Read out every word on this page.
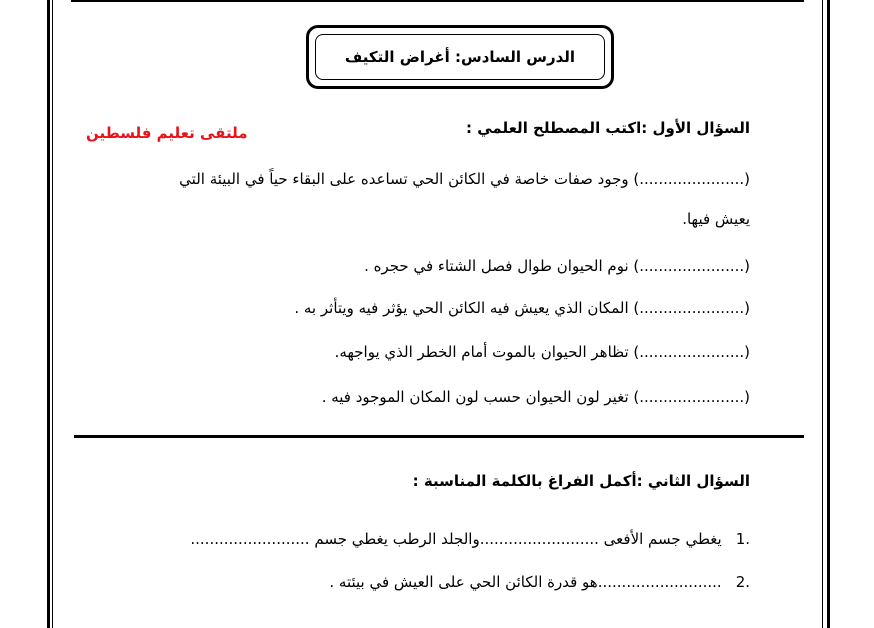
الدرس السادس: أغراض التكيف
ملتقى تعليم فلسطين	السؤال الأول :اكتب المصطلح العلمي :
(......................) وجود صفات خاصة في الكائن الحي تساعده على البقاء حياً في البيئة التي
يعيش فيها.
(......................) نوم الحيوان طوال فصل الشتاء في حجره .
(......................) المكان الذي يعيش فيه الكائن الحي يؤثر فيه ويتأثر به .
(......................) تظاهر الحيوان بالموت أمام الخطر الذي يواجهه.
(......................) تغير لون الحيوان حسب لون المكان الموجود فيه .
السؤال الثاني :أكمل الفراغ بالكلمة المناسبة :
1.
يغطي جسم الأفعى .........................والجلد الرطب يغطي جسم .........................
2.
..........................هو قدرة الكائن الحي على العيش في بيئته .
